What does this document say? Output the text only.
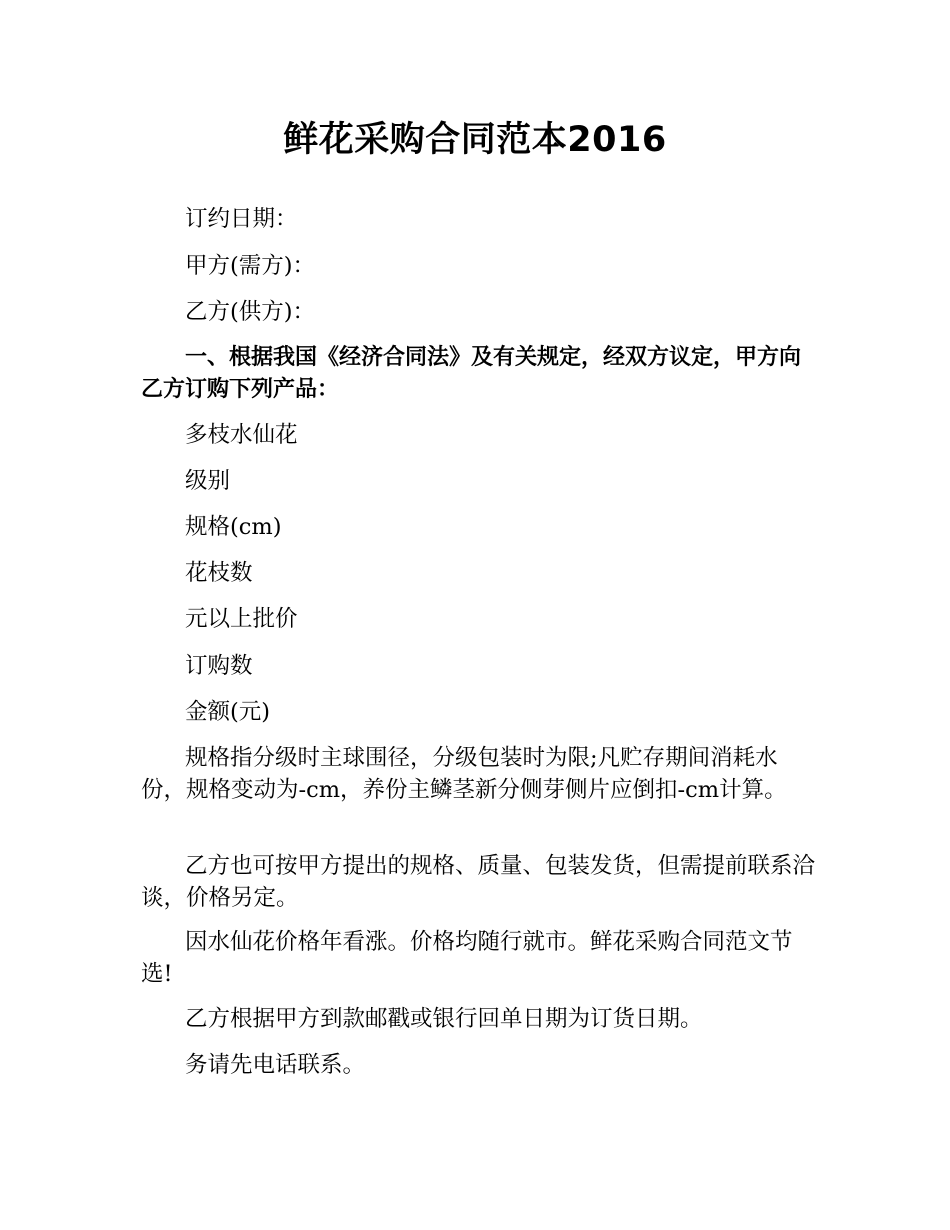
鲜花采购合同范本2016

订约日期：

甲方(需方)：

乙方(供方)：

一、根据我国《经济合同法》及有关规定，经双方议定，甲方向乙方订购下列产品：

多枝水仙花

级别

规格(cm)

花枝数

元以上批价

订购数

金额(元)

规格指分级时主球围径，分级包装时为限;凡贮存期间消耗水份，规格变动为-cm，养份主鳞茎新分侧芽侧片应倒扣-cm计算。

乙方也可按甲方提出的规格、质量、包装发货，但需提前联系洽谈，价格另定。

因水仙花价格年看涨。价格均随行就市。鲜花采购合同范文节选!

乙方根据甲方到款邮戳或银行回单日期为订货日期。

务请先电话联系。
